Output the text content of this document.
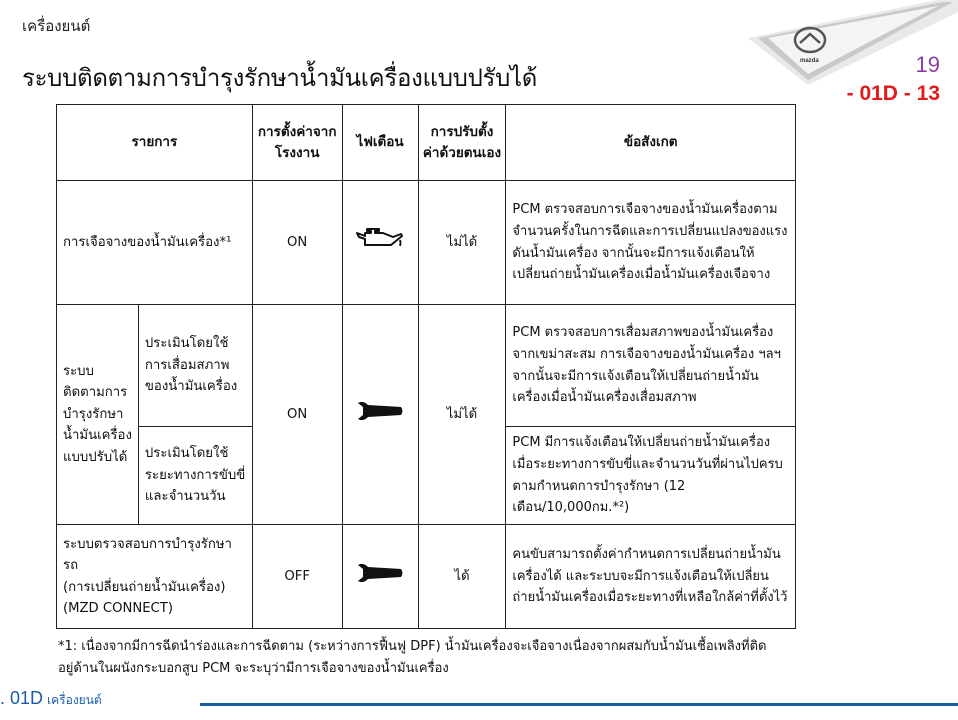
เครื่องยนต์
ระบบติดตามการบำรุงรักษาน้ำมันเครื่องแบบปรับได้
mazda	19
- 01D - 13
รายการ		การตั้งค่าจากโรงงาน	ไฟเตือน	การปรับตั้งค่าด้วยตนเอง	ข้อสังเกต
การเจือจางของน้ำมันเครื่อง*¹		ON		ไม่ได้	PCM ตรวจสอบการเจือจางของน้ำมันเครื่องตามจำนวนครั้งในการฉีดและการเปลี่ยนแปลงของแรงดันน้ำมันเครื่อง จากนั้นจะมีการแจ้งเตือนให้เปลี่ยนถ่ายน้ำมันเครื่องเมื่อน้ำมันเครื่องเจือจาง
ระบบติดตามการบำรุงรักษาน้ำมันเครื่องแบบปรับได้	ประเมินโดยใช้การเสื่อมสภาพของน้ำมันเครื่อง	ON		ไม่ได้	PCM ตรวจสอบการเสื่อมสภาพของน้ำมันเครื่องจากเขม่าสะสม การเจือจางของน้ำมันเครื่อง ฯลฯ จากนั้นจะมีการแจ้งเตือนให้เปลี่ยนถ่ายน้ำมันเครื่องเมื่อน้ำมันเครื่องเสื่อมสภาพ
	ประเมินโดยใช้ระยะทางการขับขี่และจำนวนวัน				PCM มีการแจ้งเตือนให้เปลี่ยนถ่ายน้ำมันเครื่อง เมื่อระยะทางการขับขี่และจำนวนวันที่ผ่านไปครบตามกำหนดการบำรุงรักษา (12 เดือน/10,000กม.*²)

ระบบตรวจสอบการบำรุงรักษารถ
(การเปลี่ยนถ่ายน้ำมันเครื่อง)
(MZD CONNECT)		OFF		ได้	คนขับสามารถตั้งค่ากำหนดการเปลี่ยนถ่ายน้ำมันเครื่องได้ และระบบจะมีการแจ้งเตือนให้เปลี่ยนถ่ายน้ำมันเครื่องเมื่อระยะทางที่เหลือใกล้ค่าที่ตั้งไว้
*1: เนื่องจากมีการฉีดนำร่องและการฉีดตาม (ระหว่างการฟื้นฟู DPF) น้ำมันเครื่องจะเจือจางเนื่องจากผสมกับน้ำมันเชื้อเพลิงที่ติดอยู่ด้านในผนังกระบอกสูบ PCM จะระบุว่ามีการเจือจางของน้ำมันเครื่อง
. 01D เครื่องยนต์
